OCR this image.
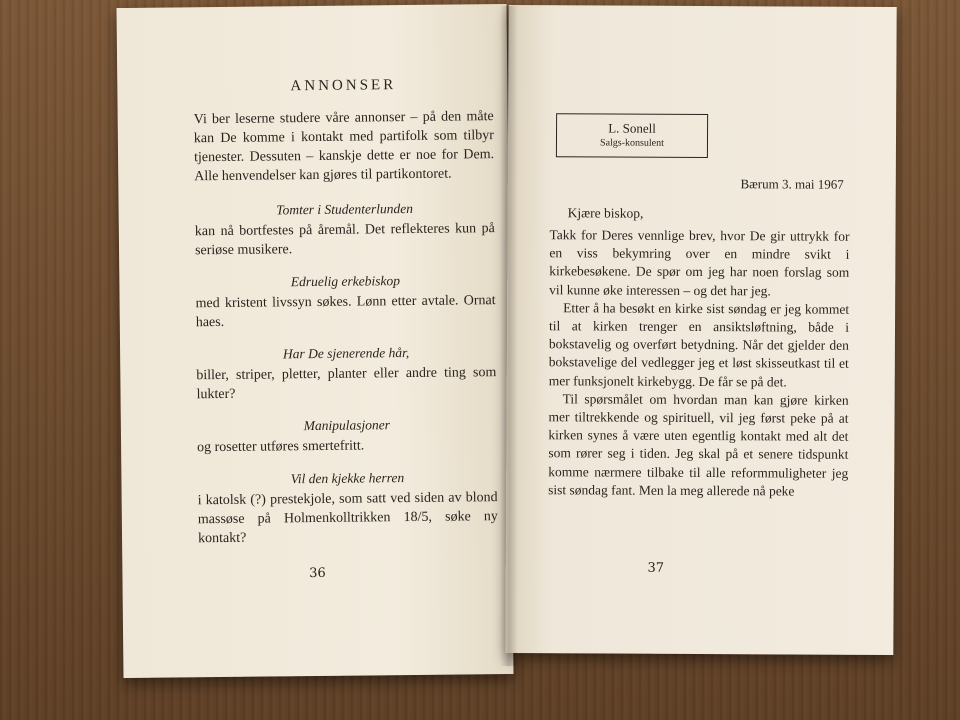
ANNONSER

Vi ber leserne studere våre annonser – på den måte kan De komme i kontakt med partifolk som tilbyr tjenester. Dessuten – kanskje dette er noe for Dem. Alle henvendelser kan gjøres til partikontoret.

Tomter i Studenterlunden

kan nå bortfestes på åremål. Det reflekteres kun på seriøse musikere.

Edruelig erkebiskop

med kristent livssyn søkes. Lønn etter avtale. Ornat haes.

Har De sjenerende hår,

biller, striper, pletter, planter eller andre ting som lukter?

Manipulasjoner

og rosetter utføres smertefritt.

Vil den kjekke herren

i katolsk (?) prestekjole, som satt ved siden av blond massøse på Holmenkolltrikken 18/5, søke ny kontakt?

36
L. Sonell
Salgs-konsulent

Bærum 3. mai 1967

Kjære biskop,

Takk for Deres vennlige brev, hvor De gir uttrykk for en viss bekymring over en mindre svikt i kirkebesøkene. De spør om jeg har noen forslag som vil kunne øke interessen – og det har jeg.

Etter å ha besøkt en kirke sist søndag er jeg kommet til at kirken trenger en ansiktsløftning, både i bokstavelig og overført betydning. Når det gjelder den bokstavelige del vedlegger jeg et løst skisseutkast til et mer funksjonelt kirkebygg. De får se på det.

Til spørsmålet om hvordan man kan gjøre kirken mer tiltrekkende og spirituell, vil jeg først peke på at kirken synes å være uten egentlig kontakt med alt det som rører seg i tiden. Jeg skal på et senere tidspunkt komme nærmere tilbake til alle reformmuligheter jeg sist søndag fant. Men la meg allerede nå peke

37
